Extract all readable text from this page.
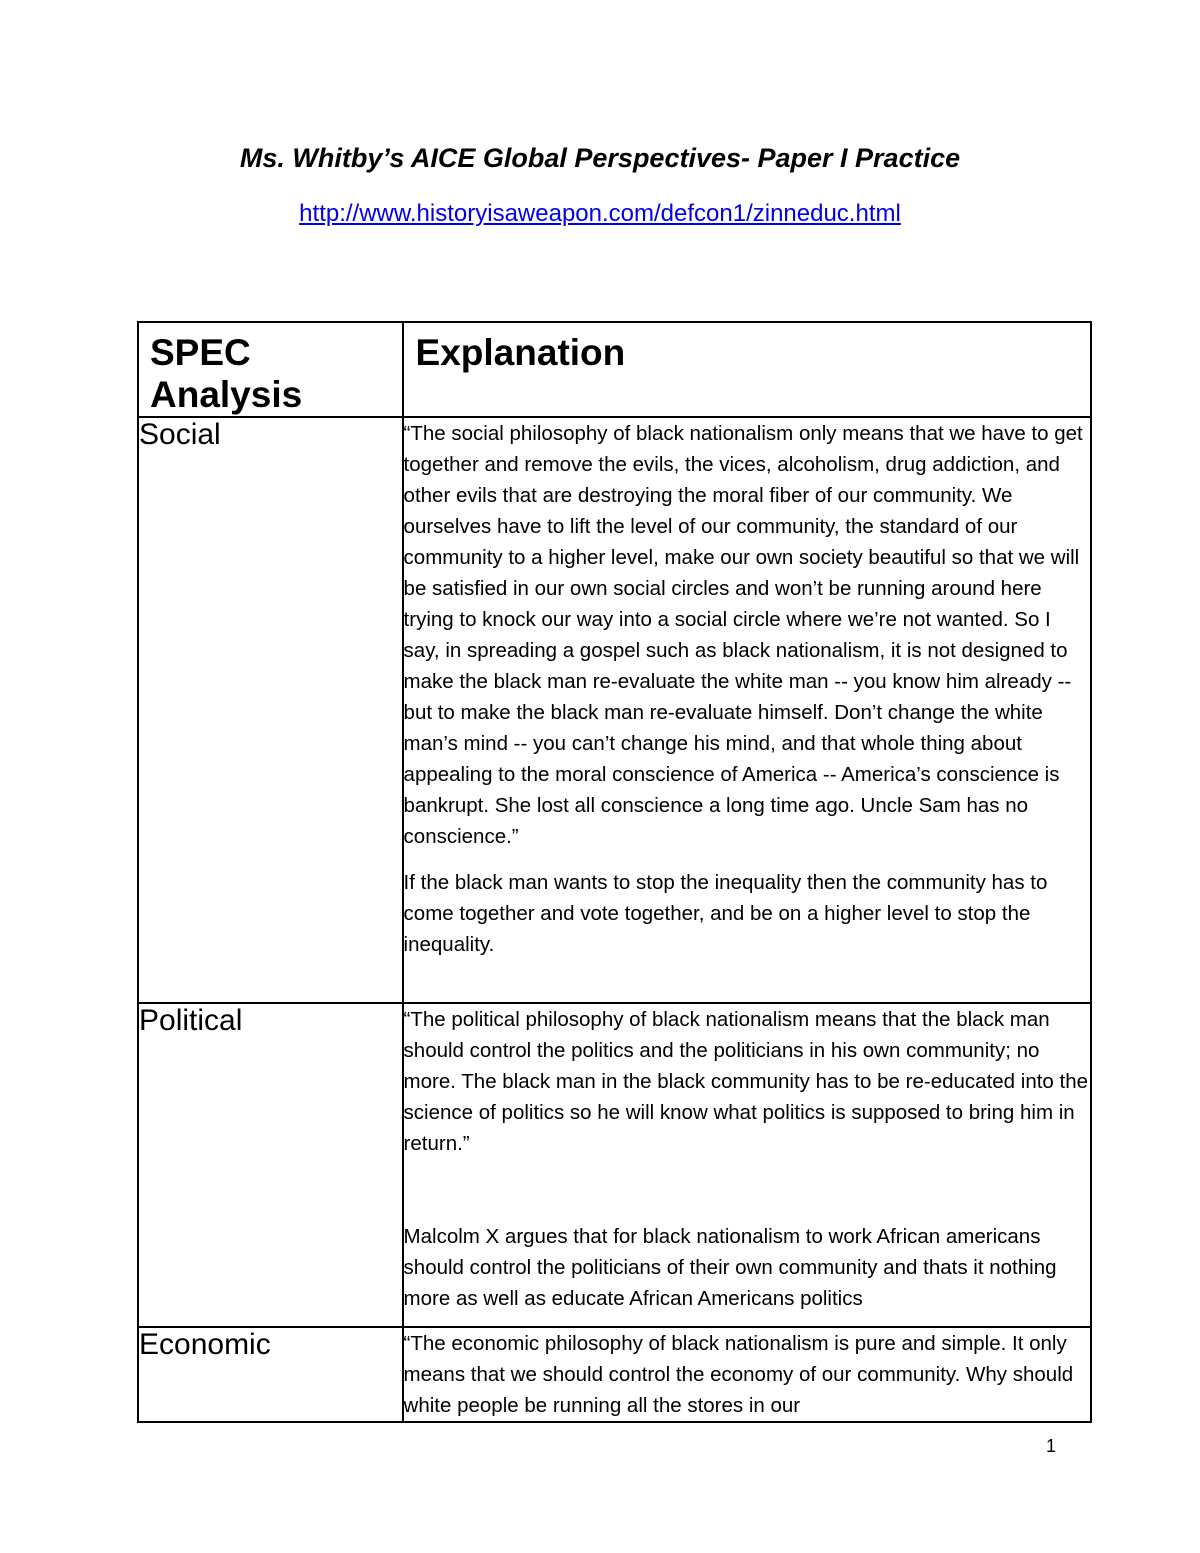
Ms. Whitby’s AICE Global Perspectives- Paper I Practice
http://www.historyisaweapon.com/defcon1/zinneduc.html
SPEC Analysis	Explanation
Social	“The social philosophy of black nationalism only means that we have to get together and remove the evils, the vices, alcoholism, drug addiction, and other evils that are destroying the moral fiber of our community. We ourselves have to lift the level of our community, the standard of our community to a higher level, make our own society beautiful so that we will be satisfied in our own social circles and won’t be running around here trying to knock our way into a social circle where we’re not wanted. So I say, in spreading a gospel such as black nationalism, it is not designed to make the black man re-evaluate the white man -- you know him already -- but to make the black man re-evaluate himself. Don’t change the white man’s mind -- you can’t change his mind, and that whole thing about appealing to the moral conscience of America -- America’s conscience is bankrupt. She lost all conscience a long time ago. Uncle Sam has no conscience.”

If the black man wants to stop the inequality then the community has to come together and vote together, and be on a higher level to stop the inequality.

Political	“The political philosophy of black nationalism means that the black man should control the politics and the politicians in his own community; no more. The black man in the black community has to be re-educated into the science of politics so he will know what politics is supposed to bring him in return.”

Malcolm X argues that for black nationalism to work African americans should control the politicians of their own community and thats it nothing more as well as educate African Americans politics

Economic	“The economic philosophy of black nationalism is pure and simple. It only means that we should control the economy of our community. Why should white people be running all the stores in our

1
